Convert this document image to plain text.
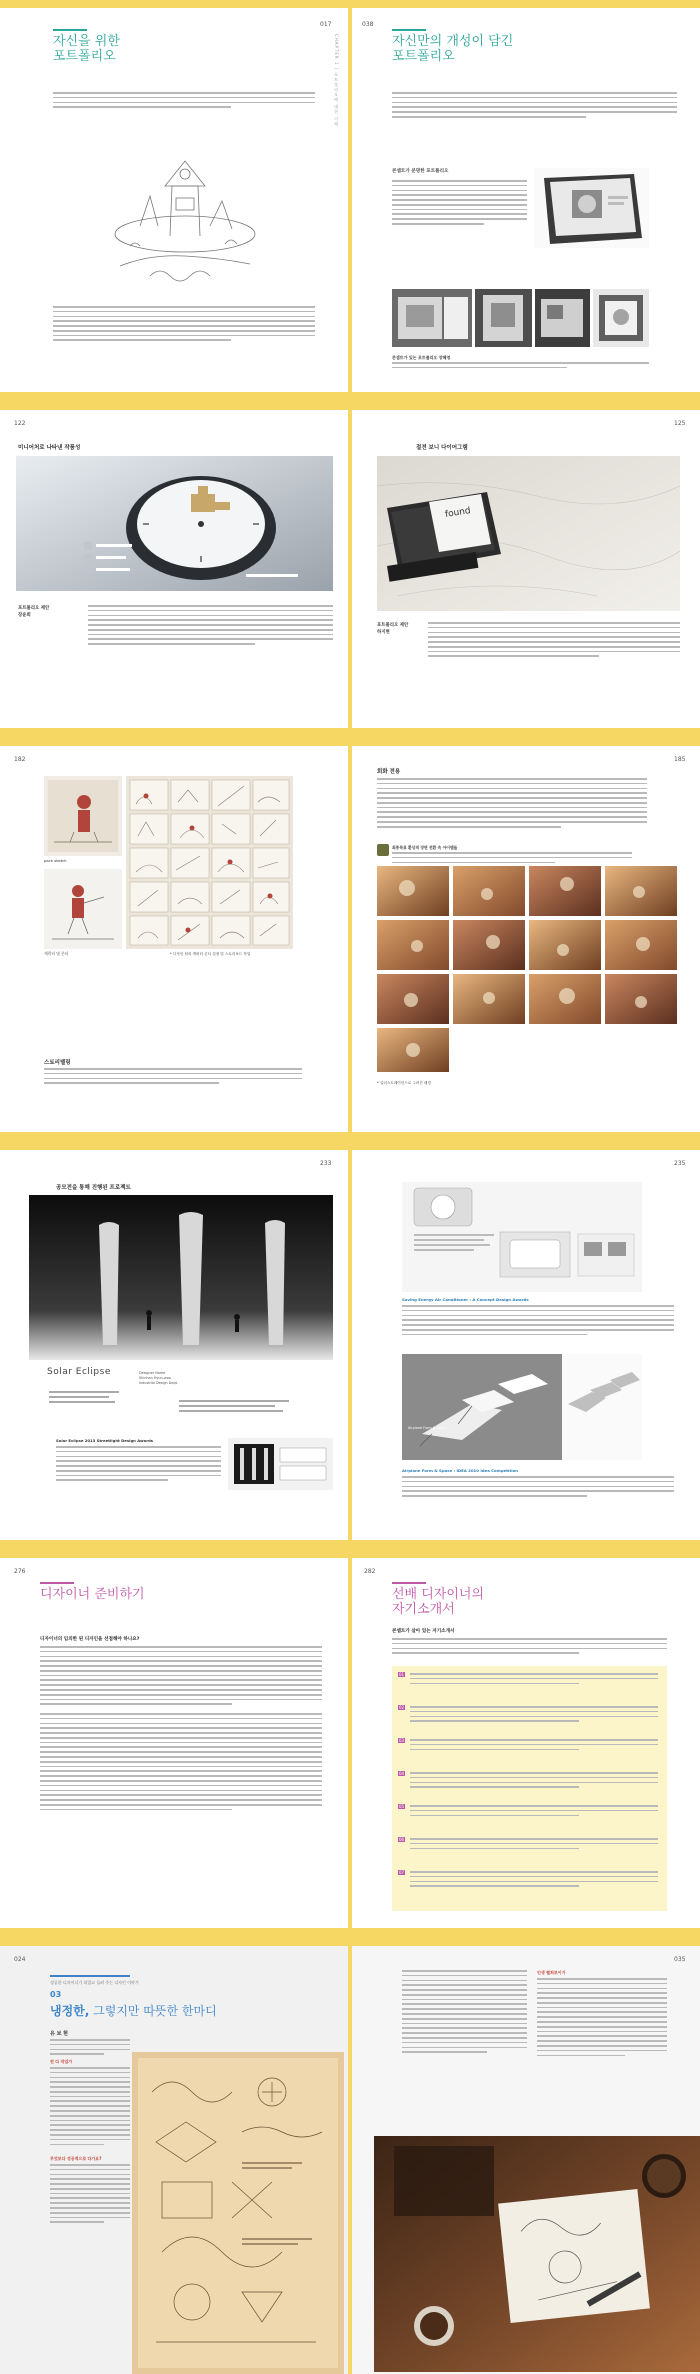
자신을 위한
포트폴리오
017
CHAPTER 1 | 포트폴리오에 대한 이해
038
자신만의 개성이 담긴
포트폴리오
콘셉트가 분명한 포트폴리오
콘셉트가 있는 포트폴리오 장혜영
122
미니어처로 나타낸 작품성
포트폴리오 제안
장윤희
125
절전 보니 다이어그램
found
포트폴리오 제안
하지현
182
pack sketch
캐릭터 및 콘티	* 디자인 팀의 캐릭터 콘티 설정 및 스토리보드 작업
스토리텔링
185
회화 전용
최종목표 환상적 장면 전환 속 아이템들
* 일러스트레이션으로 그려진 배경
233
공모전을 통해 진행된 프로젝트
Solar Eclipse	Designer Name
Shinhan Hyun-woo
Industrial Design Dept.
Solar Eclipse 2013 Streetlight Design Awards
235
Saving Energy Air Conditioner : A Concept Design Awards
Airplane Form & Space
Airplane Form & Space : IDEA 2010 Idea Competition
276
디자이너 준비하기
디자이너의 임의한 된 디자인을 선점해야 하나요?
282
선배 디자이너의
자기소개서
콘셉트가 살아 있는 자기소개서
01
02
03
04
05
06
07
024
성공한 디자이너가 되었고 들려 주는 디자인 이야기
03
냉정한, 그렇지만 따뜻한 한마디
유 보 현
왼 다 작업가
무엇보다 성공적으로 다가요?
035
인생 펼쳐보이기
